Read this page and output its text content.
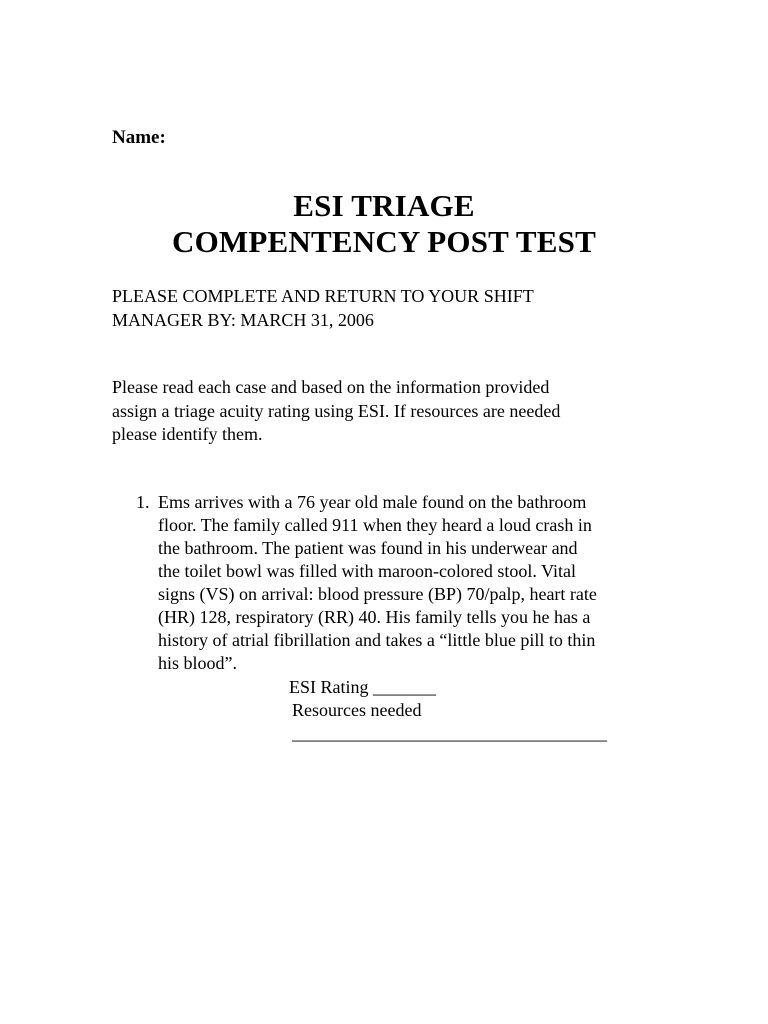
Name:

ESI TRIAGE
COMPENTENCY POST TEST

PLEASE COMPLETE AND RETURN TO YOUR SHIFT
MANAGER BY: MARCH 31, 2006

Please read each case and based on the information provided
assign a triage acuity rating using ESI. If resources are needed
please identify them.

1. Ems arrives with a 76 year old male found on the bathroom
floor. The family called 911 when they heard a loud crash in
the bathroom. The patient was found in his underwear and
the toilet bowl was filled with maroon-colored stool. Vital
signs (VS) on arrival: blood pressure (BP) 70/palp, heart rate
(HR) 128, respiratory (RR) 40. His family tells you he has a
history of atrial fibrillation and takes a “little blue pill to thin
his blood”.

ESI Rating _______

Resources needed

___________________________________
